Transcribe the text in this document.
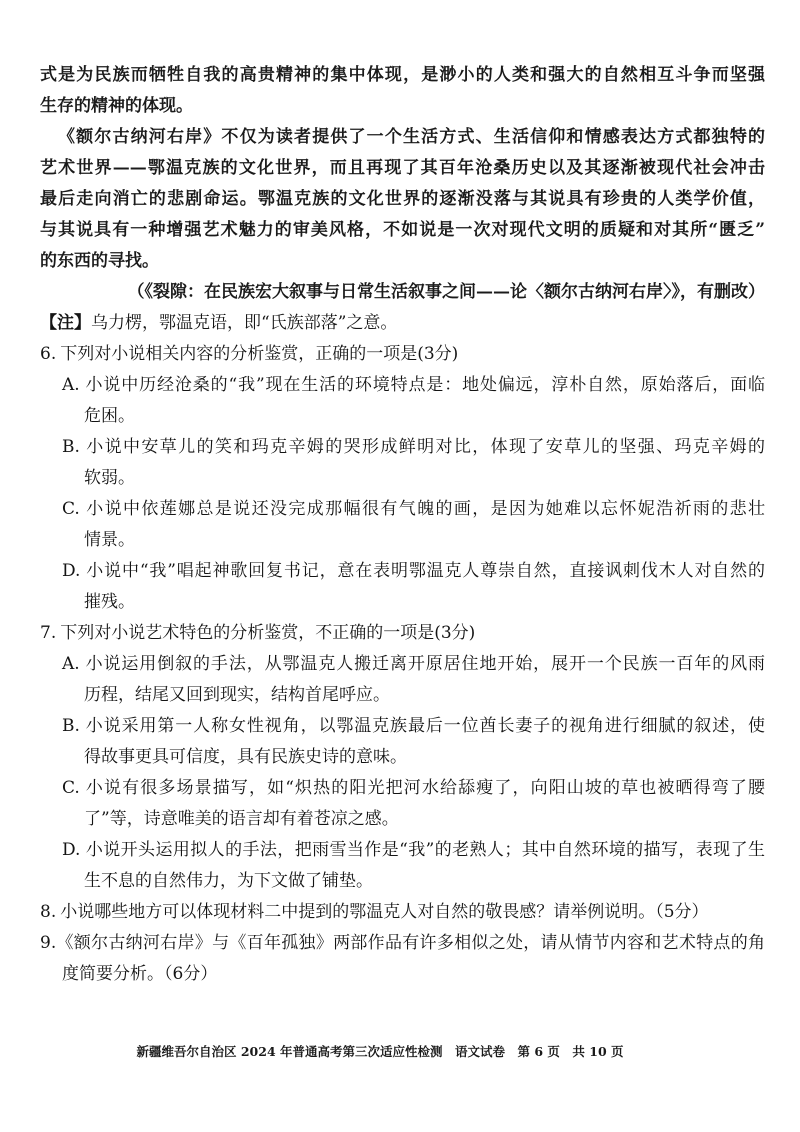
式是为民族而牺牲自我的高贵精神的集中体现，是渺小的人类和强大的自然相互斗争而坚强
生存的精神的体现。
《额尔古纳河右岸》不仅为读者提供了一个生活方式、生活信仰和情感表达方式都独特的
艺术世界——鄂温克族的文化世界，而且再现了其百年沧桑历史以及其逐渐被现代社会冲击
最后走向消亡的悲剧命运。鄂温克族的文化世界的逐渐没落与其说具有珍贵的人类学价值，
与其说具有一种增强艺术魅力的审美风格，不如说是一次对现代文明的质疑和对其所“匮乏”
的东西的寻找。
（《裂隙：在民族宏大叙事与日常生活叙事之间——论〈额尔古纳河右岸〉》，有删改）
【注】乌力楞，鄂温克语，即“氏族部落”之意。
6. 下列对小说相关内容的分析鉴赏，正确的一项是(3分)
A. 小说中历经沧桑的“我”现在生活的环境特点是：地处偏远，淳朴自然，原始落后，面临
危困。
B. 小说中安草儿的笑和玛克辛姆的哭形成鲜明对比，体现了安草儿的坚强、玛克辛姆的
软弱。
C. 小说中依莲娜总是说还没完成那幅很有气魄的画，是因为她难以忘怀妮浩祈雨的悲壮
情景。
D. 小说中“我”唱起神歌回复书记，意在表明鄂温克人尊崇自然，直接讽刺伐木人对自然的
摧残。
7. 下列对小说艺术特色的分析鉴赏，不正确的一项是(3分)
A. 小说运用倒叙的手法，从鄂温克人搬迁离开原居住地开始，展开一个民族一百年的风雨
历程，结尾又回到现实，结构首尾呼应。
B. 小说采用第一人称女性视角，以鄂温克族最后一位酋长妻子的视角进行细腻的叙述，使
得故事更具可信度，具有民族史诗的意味。
C. 小说有很多场景描写，如“炽热的阳光把河水给舔瘦了，向阳山坡的草也被晒得弯了腰
了”等，诗意唯美的语言却有着苍凉之感。
D. 小说开头运用拟人的手法，把雨雪当作是“我”的老熟人；其中自然环境的描写，表现了生
生不息的自然伟力，为下文做了铺垫。
8. 小说哪些地方可以体现材料二中提到的鄂温克人对自然的敬畏感？请举例说明。（5分）
9.《额尔古纳河右岸》与《百年孤独》两部作品有许多相似之处，请从情节内容和艺术特点的角
度简要分析。（6分）
新疆维吾尔自治区 2024 年普通高考第三次适应性检测　语文试卷　第 6 页　共 10 页
